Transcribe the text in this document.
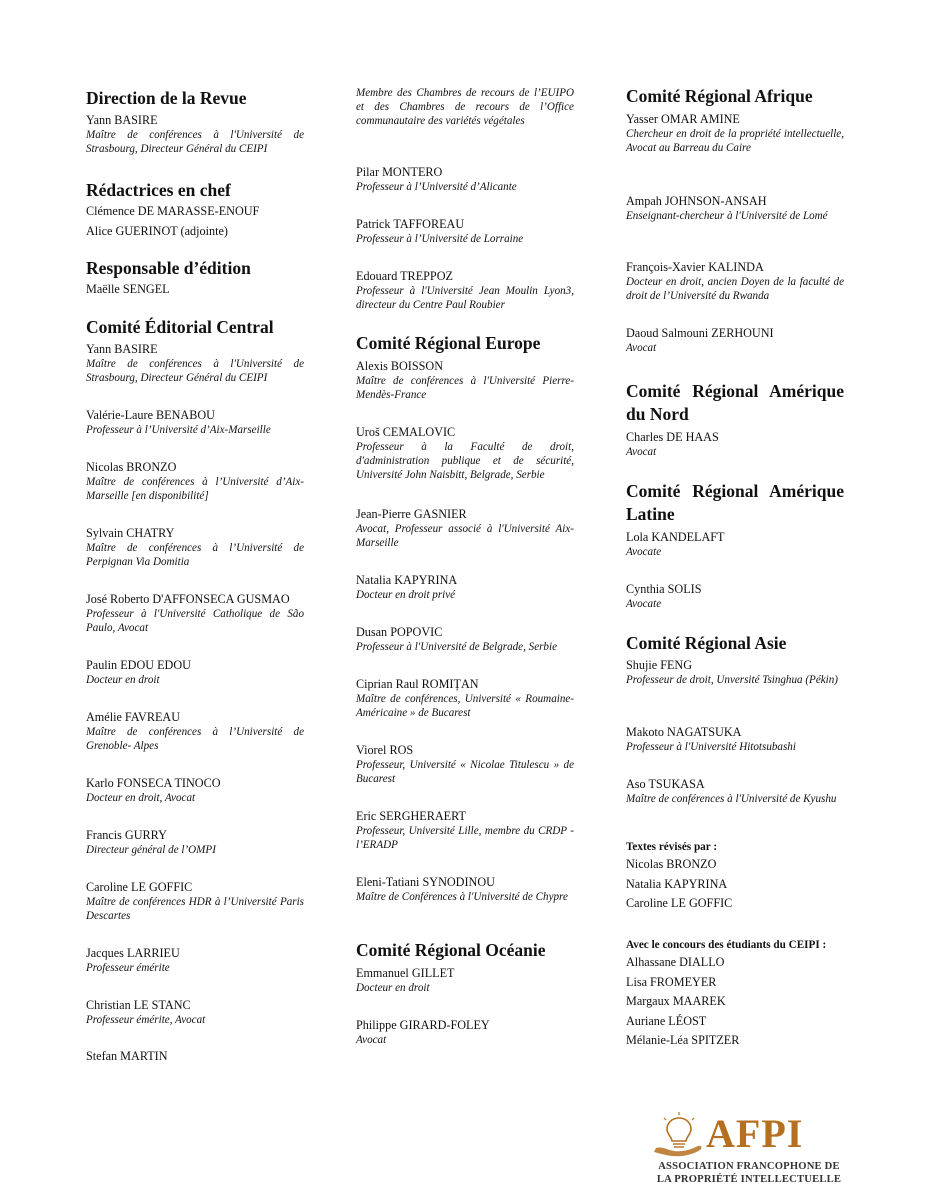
Direction de la Revue
Yann BASIRE
Maître de conférences à l'Université de Strasbourg, Directeur Général du CEIPI
Rédactrices en chef
Clémence DE MARASSE-ENOUF
Alice GUERINOT (adjointe)
Responsable d’édition
Maëlle SENGEL
Comité Éditorial Central
Yann BASIRE
Maître de conférences à l'Université de Strasbourg, Directeur Général du CEIPI
Valérie-Laure BENABOU
Professeur à l’Université d’Aix-Marseille
Nicolas BRONZO
Maître de conférences à l’Université d’Aix-Marseille [en disponibilité]
Sylvain CHATRY
Maître de conférences à l’Université de Perpignan Via Domitia
José Roberto D'AFFONSECA GUSMAO
Professeur à l'Université Catholique de São Paulo, Avocat
Paulin EDOU EDOU
Docteur en droit
Amélie FAVREAU
Maître de conférences à l’Université de Grenoble- Alpes
Karlo FONSECA TINOCO
Docteur en droit, Avocat
Francis GURRY
Directeur général de l’OMPI
Caroline LE GOFFIC
Maître de conférences HDR à l’Université Paris Descartes
Jacques LARRIEU
Professeur émérite
Christian LE STANC
Professeur émérite, Avocat
Stefan MARTIN
Membre des Chambres de recours de l’EUIPO et des Chambres de recours de l’Office communautaire des variétés végétales
Pilar MONTERO
Professeur à l’Université d’Alicante
Patrick TAFFOREAU
Professeur à l’Université de Lorraine
Edouard TREPPOZ
Professeur à l'Université Jean Moulin Lyon3, directeur du Centre Paul Roubier
Comité Régional Europe
Alexis BOISSON
Maître de conférences à l'Université Pierre-Mendès-France
Uroš CEMALOVIC
Professeur à la Faculté de droit, d'administration publique et de sécurité, Université John Naisbitt, Belgrade, Serbie
Jean-Pierre GASNIER
Avocat, Professeur associé à l'Université Aix- Marseille
Natalia KAPYRINA
Docteur en droit privé
Dusan POPOVIC
Professeur à l'Université de Belgrade, Serbie
Ciprian Raul ROMIȚAN
Maître de conférences, Université « Roumaine-Américaine » de Bucarest
Viorel ROS
Professeur, Université « Nicolae Titulescu » de Bucarest
Eric SERGHERAERT
Professeur, Université Lille, membre du CRDP - l’ERADP
Eleni-Tatiani SYNODINOU
Maître de Conférences à l'Université de Chypre
Comité Régional Océanie
Emmanuel GILLET
Docteur en droit
Philippe GIRARD-FOLEY
Avocat
Comité Régional Afrique
Yasser OMAR AMINE
Chercheur en droit de la propriété intellectuelle, Avocat au Barreau du Caire
Ampah JOHNSON-ANSAH
Enseignant-chercheur à l'Université de Lomé
François-Xavier KALINDA
Docteur en droit, ancien Doyen de la faculté de droit de l’Université du Rwanda
Daoud Salmouni ZERHOUNI
Avocat
Comité Régional Amérique
du Nord
Charles DE HAAS
Avocat
Comité Régional Amérique
Latine
Lola KANDELAFT
Avocate
Cynthia SOLIS
Avocate
Comité Régional Asie
Shujie FENG
Professeur de droit, Unversité Tsinghua (Pékin)
Makoto NAGATSUKA
Professeur à l'Université Hitotsubashi
Aso TSUKASA
Maître de conférences à l'Université de Kyushu
Textes révisés par :
Nicolas BRONZO
Natalia KAPYRINA
Caroline LE GOFFIC
Avec le concours des étudiants du CEIPI :
Alhassane DIALLO
Lisa FROMEYER
Margaux MAAREK
Auriane LÉOST
Mélanie-Léa SPITZER
AFPI
ASSOCIATION FRANCOPHONE DE
LA PROPRIÉTÉ INTELLECTUELLE
